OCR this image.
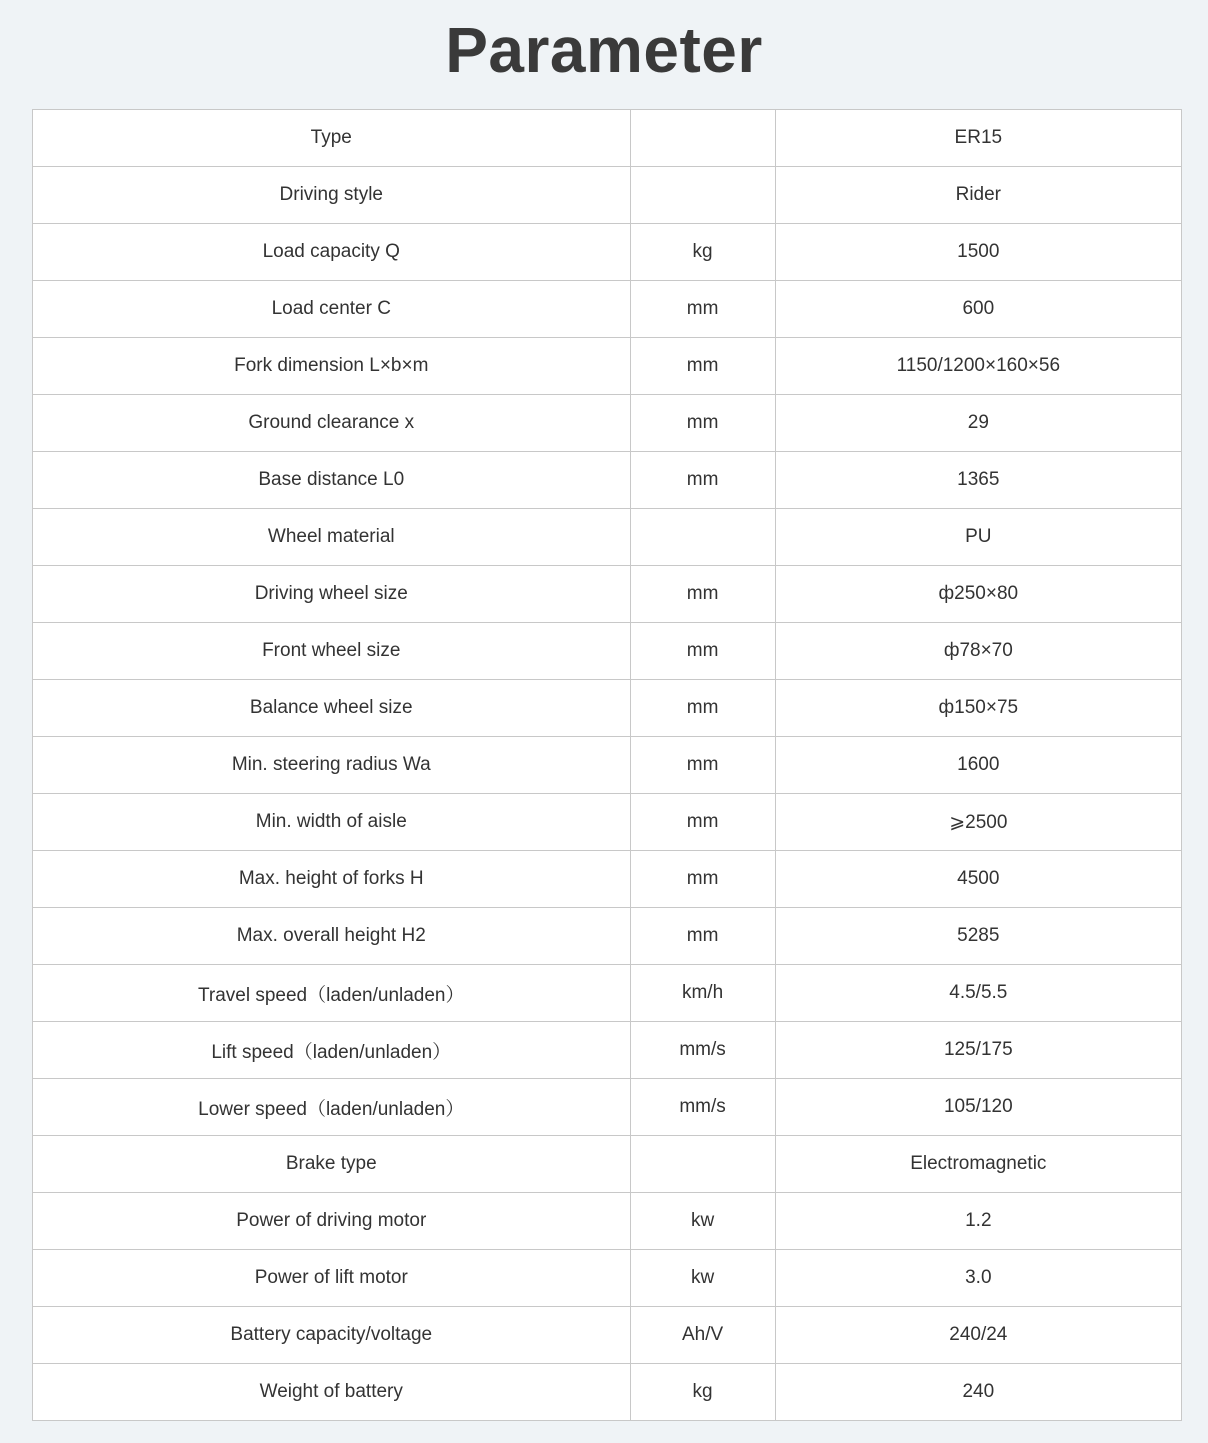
Parameter
Type		ER15
Driving style		Rider
Load capacity Q	kg	1500
Load center C	mm	600
Fork dimension L×b×m	mm	1150/1200×160×56
Ground clearance x	mm	29
Base distance L0	mm	1365
Wheel material		PU
Driving wheel size	mm	ф250×80
Front wheel size	mm	ф78×70
Balance wheel size	mm	ф150×75
Min. steering radius Wa	mm	1600
Min. width of aisle	mm	⩾2500
Max. height of forks H	mm	4500
Max. overall height H2	mm	5285
Travel speed（laden/unladen）	km/h	4.5/5.5
Lift speed（laden/unladen）	mm/s	125/175
Lower speed（laden/unladen）	mm/s	105/120
Brake type		Electromagnetic
Power of driving motor	kw	1.2
Power of lift motor	kw	3.0
Battery capacity/voltage	Ah/V	240/24
Weight of battery	kg	240
